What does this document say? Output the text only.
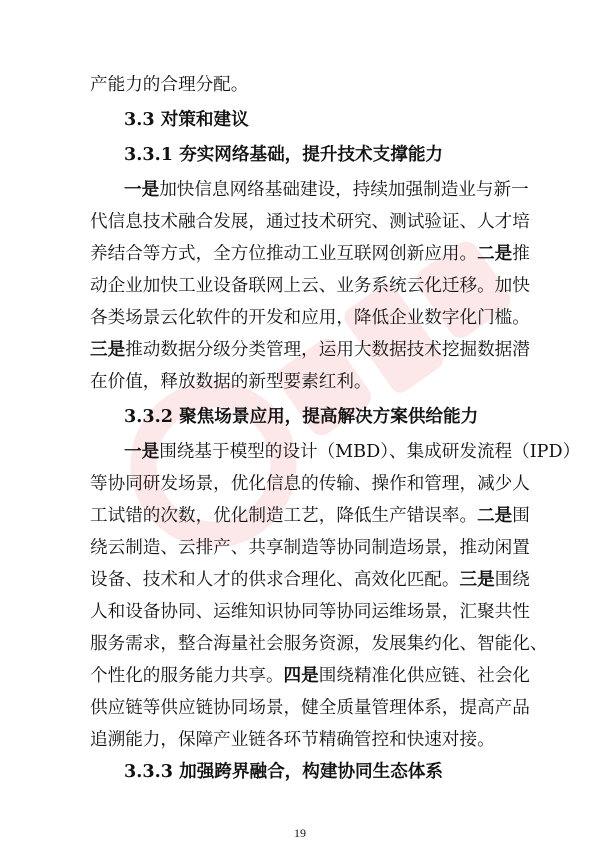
产能力的合理分配。
3.3 对策和建议
3.3.1 夯实网络基础，提升技术支撑能力
一是加快信息网络基础建设，持续加强制造业与新一
代信息技术融合发展，通过技术研究、测试验证、人才培
养结合等方式，全方位推动工业互联网创新应用。二是推
动企业加快工业设备联网上云、业务系统云化迁移。加快
各类场景云化软件的开发和应用，降低企业数字化门槛。
三是推动数据分级分类管理，运用大数据技术挖掘数据潜
在价值，释放数据的新型要素红利。
3.3.2 聚焦场景应用，提高解决方案供给能力
一是围绕基于模型的设计（MBD）、集成研发流程（IPD）
等协同研发场景，优化信息的传输、操作和管理，减少人
工试错的次数，优化制造工艺，降低生产错误率。二是围
绕云制造、云排产、共享制造等协同制造场景，推动闲置
设备、技术和人才的供求合理化、高效化匹配。三是围绕
人和设备协同、运维知识协同等协同运维场景，汇聚共性
服务需求，整合海量社会服务资源，发展集约化、智能化、
个性化的服务能力共享。四是围绕精准化供应链、社会化
供应链等供应链协同场景，健全质量管理体系，提高产品
追溯能力，保障产业链各环节精确管控和快速对接。
3.3.3 加强跨界融合，构建协同生态体系
19
